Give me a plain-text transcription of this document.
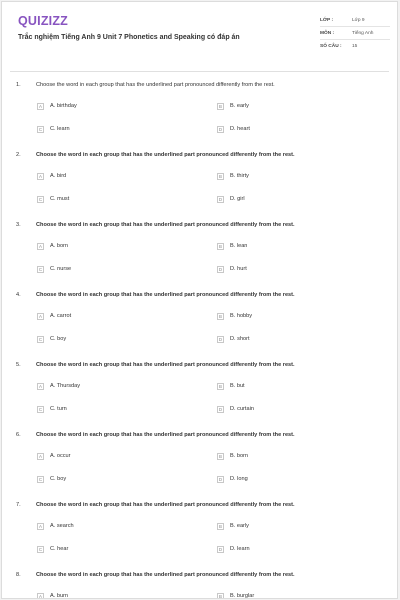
QUIZIZZ
Trắc nghiệm Tiếng Anh 9 Unit 7 Phonetics and Speaking có đáp án
LỚP :	Lớp 9
MÔN :	Tiếng Anh
SỐ CÂU :	15
1.	Choose the word in each group that has the underlined part pronounced differently from the rest.
A	A. birthday	B	B. early
C	C. learn	D	D. heart
2.	Choose the word in each group that has the underlined part pronounced differently from the rest.
A	A. bird	B	B. thirty
C	C. must	D	D. girl
3.	Choose the word in each group that has the underlined part pronounced differently from the rest.
A	A. born	B	B. lean
C	C. nurse	D	D. hurt
4.	Choose the word in each group that has the underlined part pronounced differently from the rest.
A	A. carrot	B	B. hobby
C	C. boy	D	D. short
5.	Choose the word in each group that has the underlined part pronounced differently from the rest.
A	A. Thursday	B	B. but
C	C. turn	D	D. curtain
6.	Choose the word in each group that has the underlined part pronounced differently from the rest.
A	A. occur	B	B. born
C	C. boy	D	D. long
7.	Choose the word in each group that has the underlined part pronounced differently from the rest.
A	A. search	B	B. early
C	C. hear	D	D. learn
8.	Choose the word in each group that has the underlined part pronounced differently from the rest.
A	A. burn	B	B. burglar
